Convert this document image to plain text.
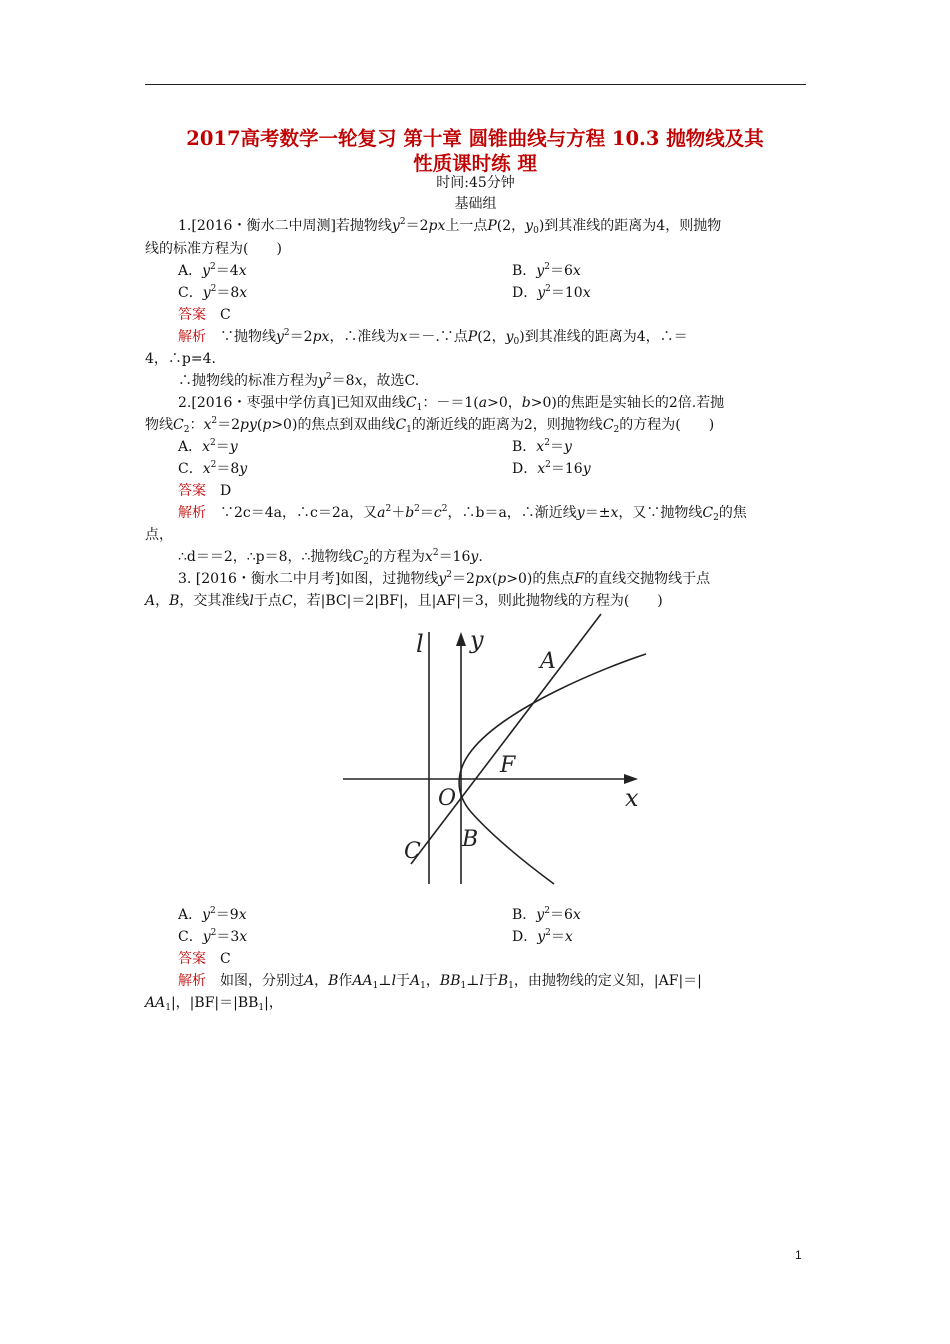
2017高考数学一轮复习 第十章 圆锥曲线与方程 10.3 抛物线及其
性质课时练 理
时间:45分钟
基础组
1.[2016・衡水二中周测]若抛物线$y^2=2px$上一点P(2，$y_0$)到其准线的距离为4，则抛物
线的标准方程为(　　)
A．$y^2=4x$	B．$y^2=6x$
C．$y^2=8x$	D．$y^2=10x$
答案　 C
解析　 ∵抛物线$y^2=2px$，∴准线为x＝－.∵点P(2，$y_0$)到其准线的距离为4，∴＝
4，∴p=4.
∴抛物线的标准方程为$y^2=8x$，故选C.
2.[2016・枣强中学仿真]已知双曲线$C_1$：－＝1(a>0，b>0)的焦距是实轴长的2倍.若抛
物线$C_2$：$x^2=2py(p>0)$的焦点到双曲线$C_1$的渐近线的距离为2，则抛物线$C_2$的方程为(　　)
A．$x^2=y$	B．$x^2=y$
C．$x^2=8y$	D．$x^2=16y$
答案　 D
解析　 ∵2c＝4a，∴c＝2a，又$a^2+b^2=c^2$，∴b＝a，∴渐近线y＝±x，又∵抛物线$C_2$的焦
点，
∴d＝＝2，∴p＝8，∴抛物线$C_2$的方程为$x^2=16y$.
3. [2016・衡水二中月考]如图，过抛物线$y^2=2px(p>0)$的焦点F的直线交抛物线于点
A，B，交其准线l于点C，若|BC|＝2|BF|，且|AF|＝3，则此抛物线的方程为(　　)
l y
A
F
O	x
B
C
A．$y^2=9x$	B．$y^2=6x$
C．$y^2=3x$	D．$y^2=x$
答案　 C
解析　 如图，分别过A，B作$AA_1\perp l$于$A_1$，$BB_1\perp l$于$B_1$，由抛物线的定义知，|AF|＝|
$AA_1|$，$|BF|=|BB_1|$，
1
